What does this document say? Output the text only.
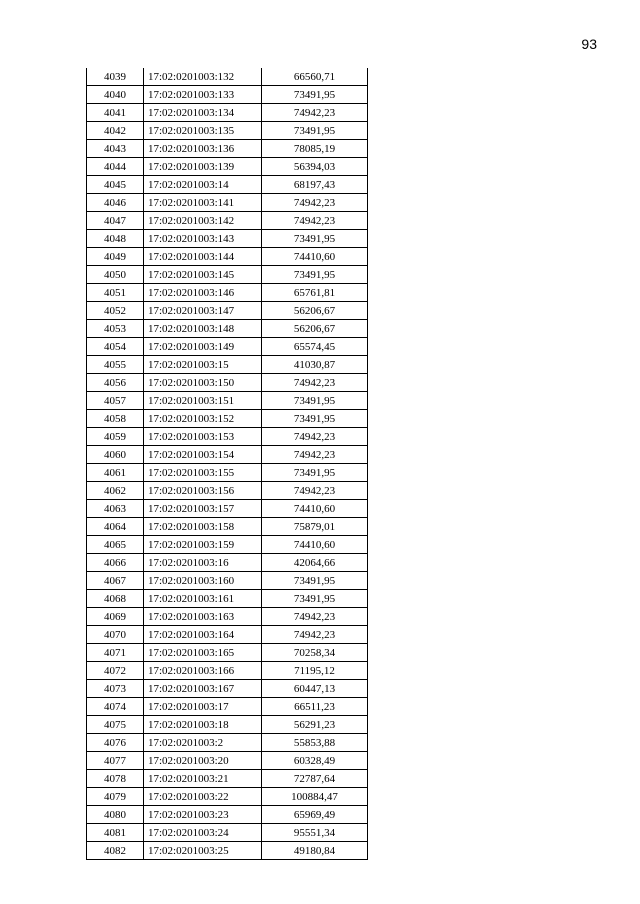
93
4039	17:02:0201003:132	66560,71
4040	17:02:0201003:133	73491,95
4041	17:02:0201003:134	74942,23
4042	17:02:0201003:135	73491,95
4043	17:02:0201003:136	78085,19
4044	17:02:0201003:139	56394,03
4045	17:02:0201003:14	68197,43
4046	17:02:0201003:141	74942,23
4047	17:02:0201003:142	74942,23
4048	17:02:0201003:143	73491,95
4049	17:02:0201003:144	74410,60
4050	17:02:0201003:145	73491,95
4051	17:02:0201003:146	65761,81
4052	17:02:0201003:147	56206,67
4053	17:02:0201003:148	56206,67
4054	17:02:0201003:149	65574,45
4055	17:02:0201003:15	41030,87
4056	17:02:0201003:150	74942,23
4057	17:02:0201003:151	73491,95
4058	17:02:0201003:152	73491,95
4059	17:02:0201003:153	74942,23
4060	17:02:0201003:154	74942,23
4061	17:02:0201003:155	73491,95
4062	17:02:0201003:156	74942,23
4063	17:02:0201003:157	74410,60
4064	17:02:0201003:158	75879,01
4065	17:02:0201003:159	74410,60
4066	17:02:0201003:16	42064,66
4067	17:02:0201003:160	73491,95
4068	17:02:0201003:161	73491,95
4069	17:02:0201003:163	74942,23
4070	17:02:0201003:164	74942,23
4071	17:02:0201003:165	70258,34
4072	17:02:0201003:166	71195,12
4073	17:02:0201003:167	60447,13
4074	17:02:0201003:17	66511,23
4075	17:02:0201003:18	56291,23
4076	17:02:0201003:2	55853,88
4077	17:02:0201003:20	60328,49
4078	17:02:0201003:21	72787,64
4079	17:02:0201003:22	100884,47
4080	17:02:0201003:23	65969,49
4081	17:02:0201003:24	95551,34
4082	17:02:0201003:25	49180,84
